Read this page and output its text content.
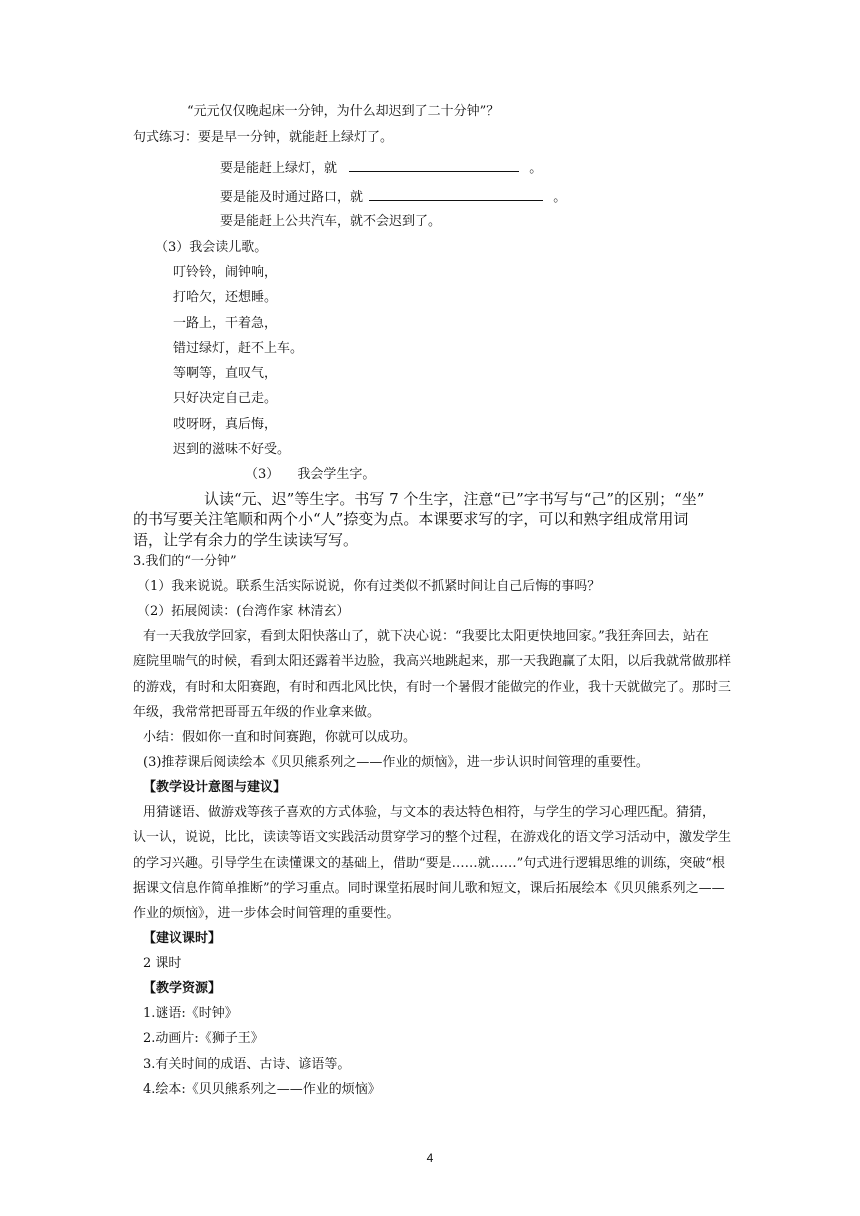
“元元仅仅晚起床一分钟，为什么却迟到了二十分钟”？
句式练习：要是早一分钟，就能赶上绿灯了。
要是能赶上绿灯，就	。
要是能及时通过路口，就	。
要是能赶上公共汽车，就不会迟到了。
（3）我会读儿歌。
叮铃铃，闹钟响，
打哈欠，还想睡。
一路上，干着急，
错过绿灯，赶不上车。
等啊等，直叹气，
只好决定自己走。
哎呀呀，真后悔，
迟到的滋味不好受。
（3） 我会学生字。
认读“元、迟”等生字。书写 7 个生字，注意“已”字书写与“己”的区别；“坐”
的书写要关注笔顺和两个小“人”捺变为点。本课要求写的字，可以和熟字组成常用词
语，让学有余力的学生读读写写。
3.我们的“一分钟”
（1）我来说说。联系生活实际说说，你有过类似不抓紧时间让自己后悔的事吗？
（2）拓展阅读：(台湾作家 林清玄）
有一天我放学回家，看到太阳快落山了，就下决心说：“我要比太阳更快地回家。”我狂奔回去，站在
庭院里喘气的时候，看到太阳还露着半边脸，我高兴地跳起来，那一天我跑赢了太阳，以后我就常做那样
的游戏，有时和太阳赛跑，有时和西北风比快，有时一个暑假才能做完的作业，我十天就做完了。那时三
年级，我常常把哥哥五年级的作业拿来做。
小结：假如你一直和时间赛跑，你就可以成功。
(3)推荐课后阅读绘本《贝贝熊系列之——作业的烦恼》，进一步认识时间管理的重要性。
【教学设计意图与建议】
用猜谜语、做游戏等孩子喜欢的方式体验，与文本的表达特色相符，与学生的学习心理匹配。猜猜，
认一认，说说，比比，读读等语文实践活动贯穿学习的整个过程，在游戏化的语文学习活动中，激发学生
的学习兴趣。引导学生在读懂课文的基础上，借助“要是……就……”句式进行逻辑思维的训练，突破“根
据课文信息作简单推断”的学习重点。同时课堂拓展时间儿歌和短文，课后拓展绘本《贝贝熊系列之——
作业的烦恼》，进一步体会时间管理的重要性。
【建议课时】
2 课时
【教学资源】
1.谜语:《时钟》
2.动画片:《狮子王》
3.有关时间的成语、古诗、谚语等。
4.绘本:《贝贝熊系列之——作业的烦恼》
4
